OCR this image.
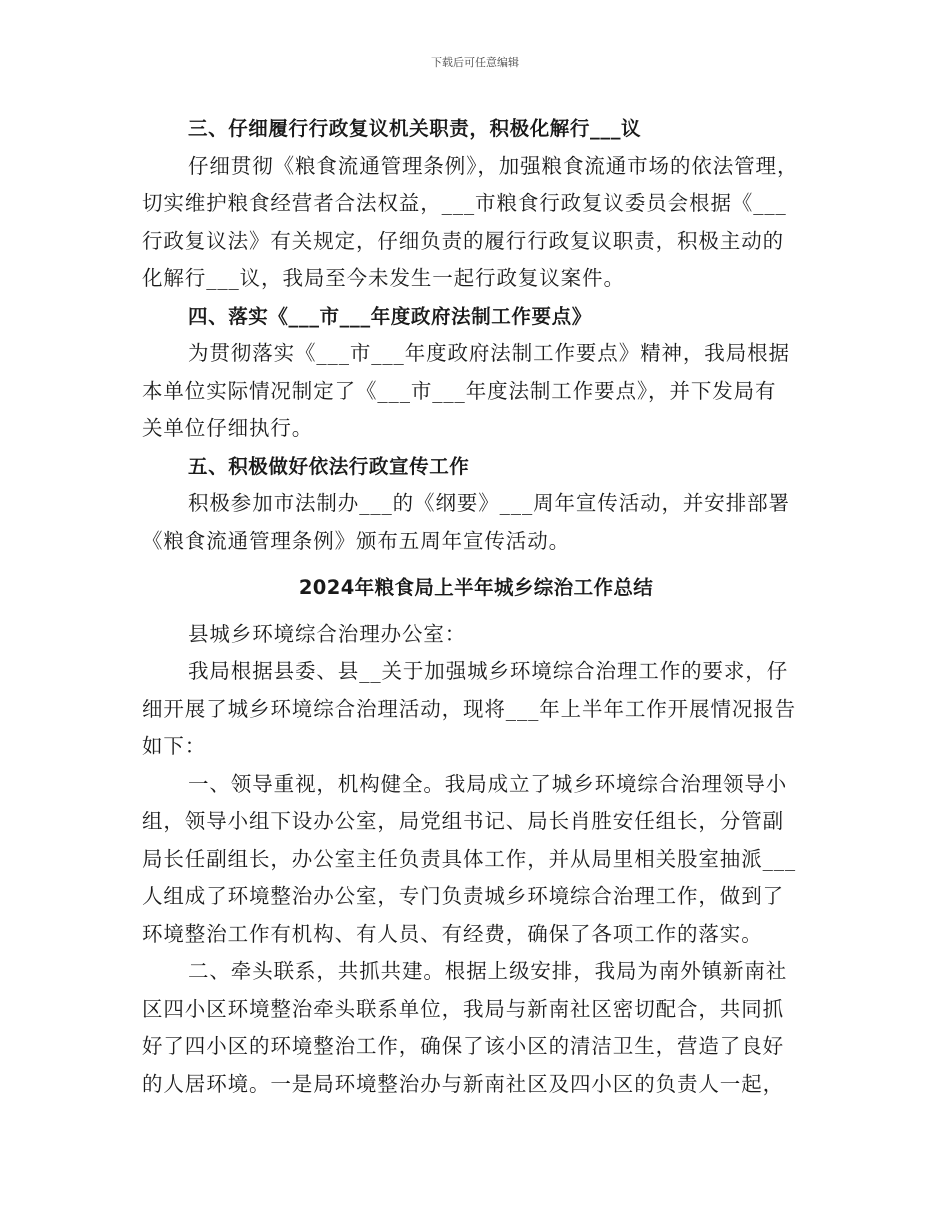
下载后可任意编辑
三、仔细履行行政复议机关职责，积极化解行___议
仔细贯彻《粮食流通管理条例》，加强粮食流通市场的依法管理，
切实维护粮食经营者合法权益，___市粮食行政复议委员会根据《___
行政复议法》有关规定，仔细负责的履行行政复议职责，积极主动的
化解行___议，我局至今未发生一起行政复议案件。
四、落实《___市___年度政府法制工作要点》
为贯彻落实《___市___年度政府法制工作要点》精神，我局根据
本单位实际情况制定了《___市___年度法制工作要点》，并下发局有
关单位仔细执行。
五、积极做好依法行政宣传工作
积极参加市法制办___的《纲要》___周年宣传活动，并安排部署
《粮食流通管理条例》颁布五周年宣传活动。
2024年粮食局上半年城乡综治工作总结
县城乡环境综合治理办公室：
我局根据县委、县__关于加强城乡环境综合治理工作的要求，仔
细开展了城乡环境综合治理活动，现将___年上半年工作开展情况报告
如下：
一、领导重视，机构健全。我局成立了城乡环境综合治理领导小
组，领导小组下设办公室，局党组书记、局长肖胜安任组长，分管副
局长任副组长，办公室主任负责具体工作，并从局里相关股室抽派___
人组成了环境整治办公室，专门负责城乡环境综合治理工作，做到了
环境整治工作有机构、有人员、有经费，确保了各项工作的落实。
二、牵头联系，共抓共建。根据上级安排，我局为南外镇新南社
区四小区环境整治牵头联系单位，我局与新南社区密切配合，共同抓
好了四小区的环境整治工作，确保了该小区的清洁卫生，营造了良好
的人居环境。一是局环境整治办与新南社区及四小区的负责人一起，
